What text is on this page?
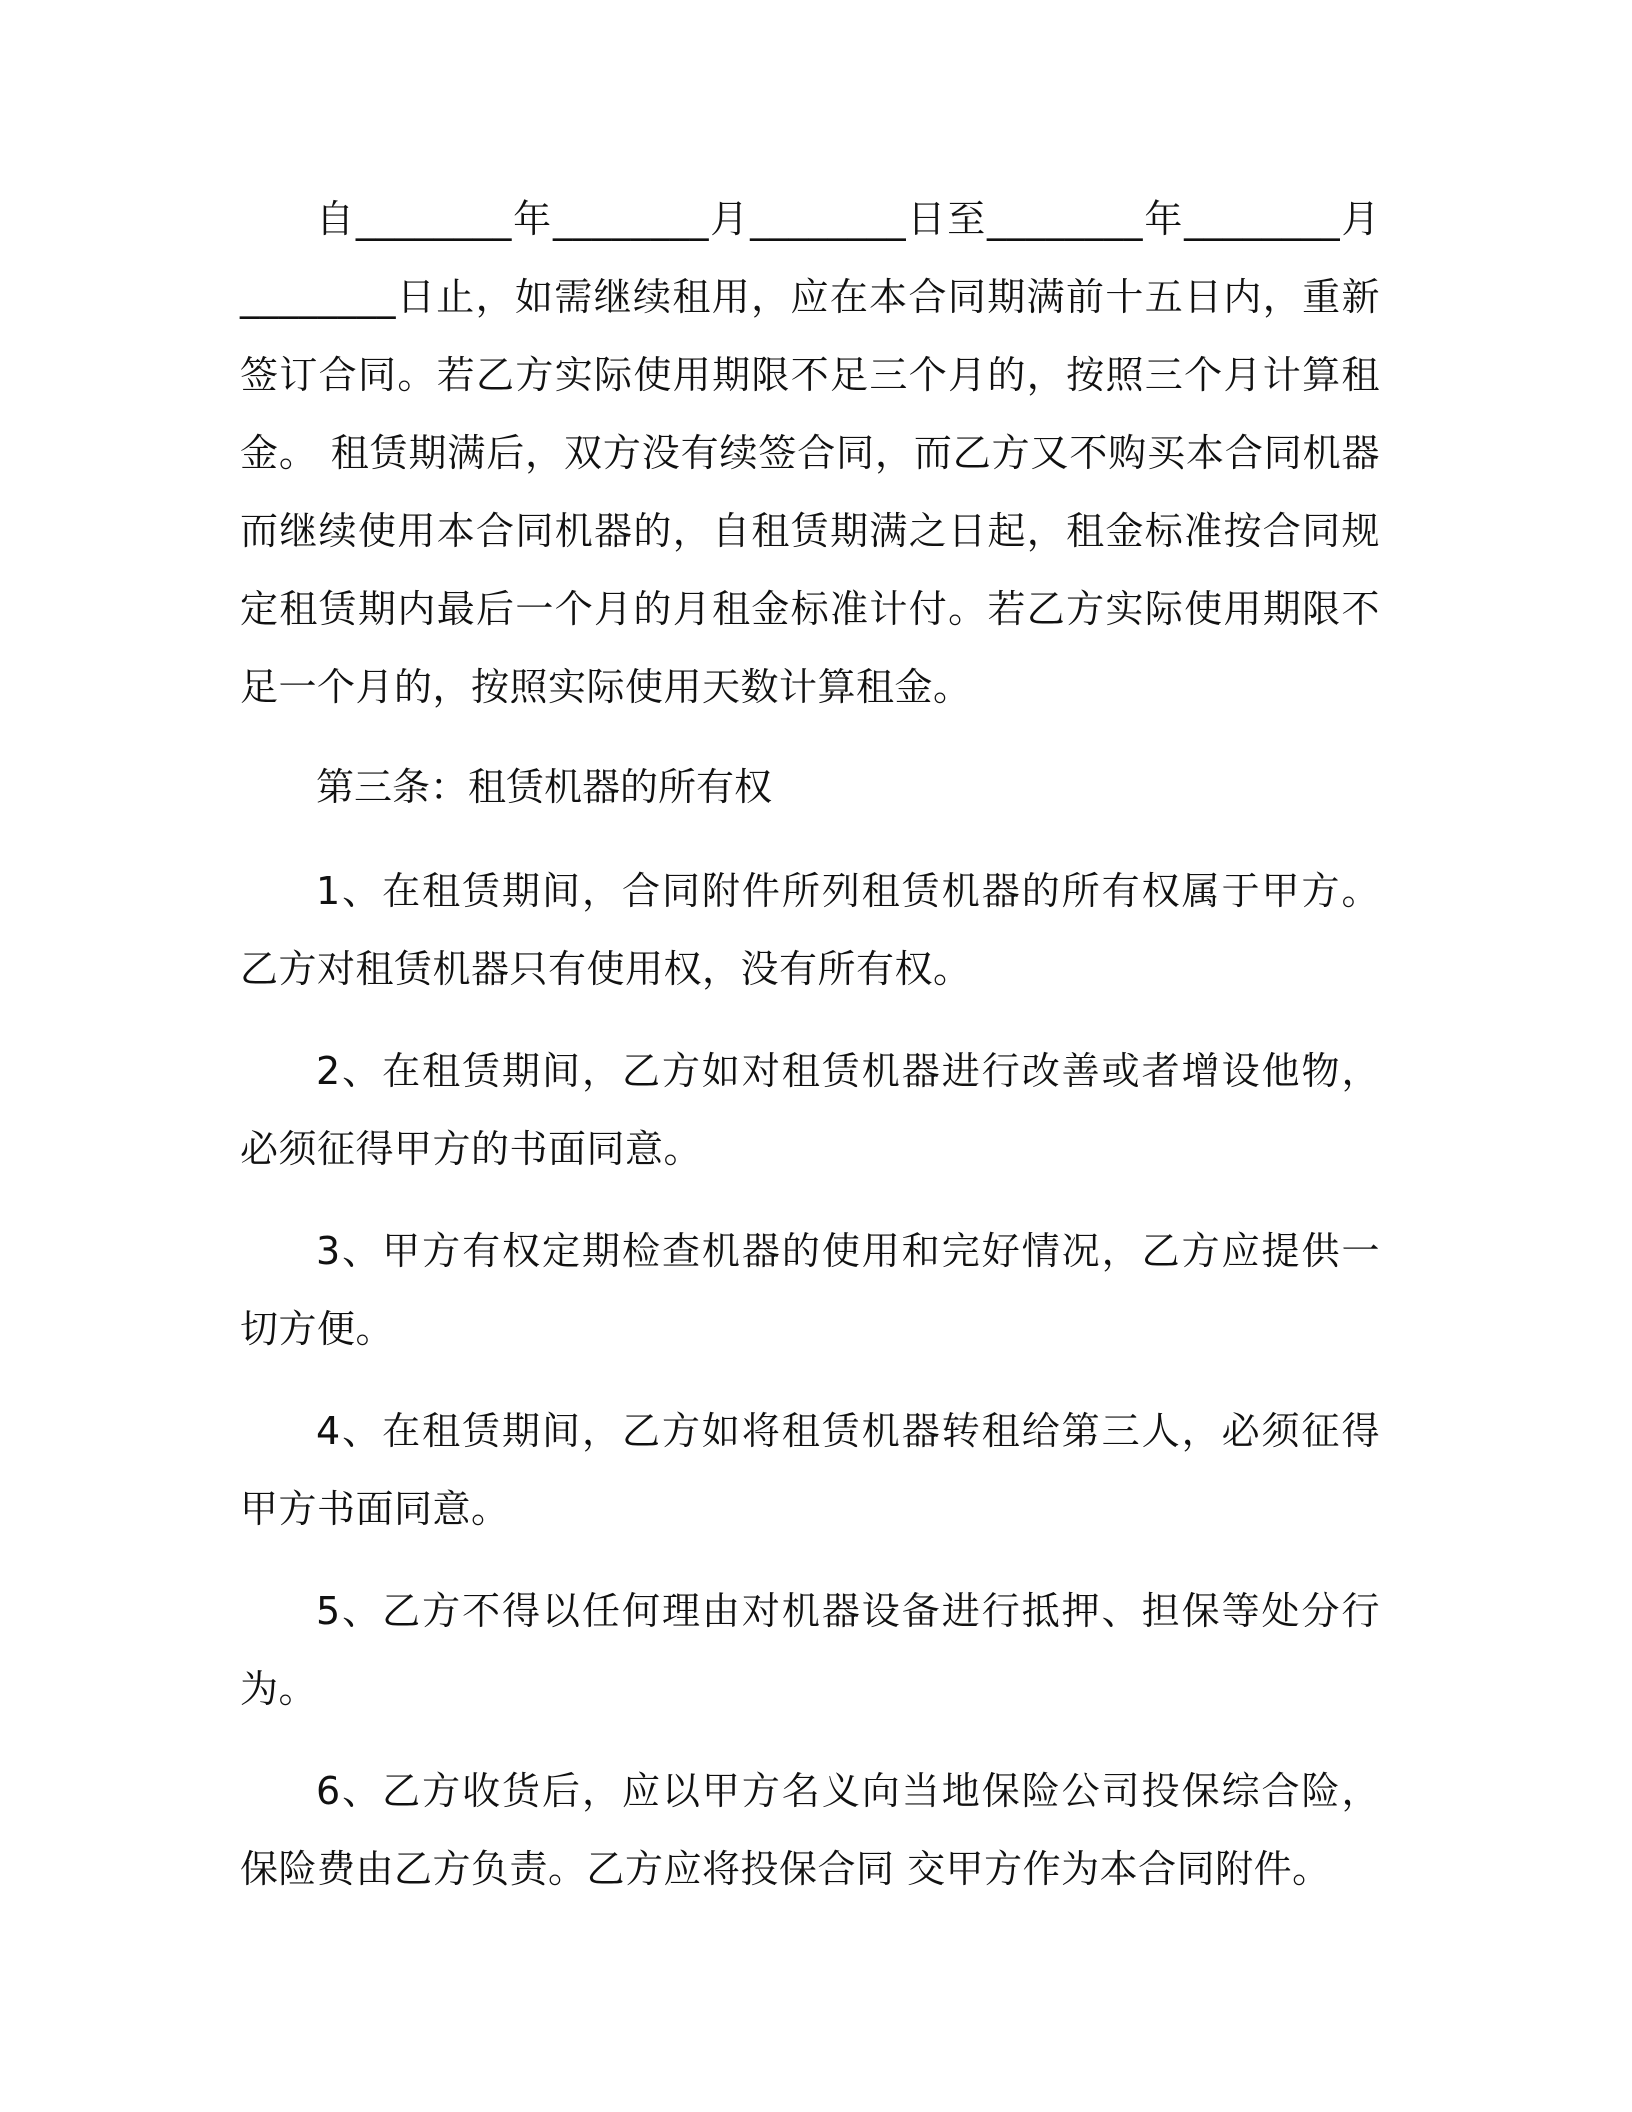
自________年________月________日至________年________月________日止，如需继续租用，应在本合同期满前十五日内，重新签订合同。若乙方实际使用期限不足三个月的，按照三个月计算租金。 租赁期满后，双方没有续签合同，而乙方又不购买本合同机器而继续使用本合同机器的，自租赁期满之日起，租金标准按合同规定租赁期内最后一个月的月租金标准计付。若乙方实际使用期限不足一个月的，按照实际使用天数计算租金。

第三条：租赁机器的所有权

1、在租赁期间，合同附件所列租赁机器的所有权属于甲方。乙方对租赁机器只有使用权，没有所有权。

2、在租赁期间，乙方如对租赁机器进行改善或者增设他物，必须征得甲方的书面同意。

3、甲方有权定期检查机器的使用和完好情况，乙方应提供一切方便。

4、在租赁期间，乙方如将租赁机器转租给第三人，必须征得甲方书面同意。

5、乙方不得以任何理由对机器设备进行抵押、担保等处分行为。

6、乙方收货后，应以甲方名义向当地保险公司投保综合险，保险费由乙方负责。乙方应将投保合同 交甲方作为本合同附件。
